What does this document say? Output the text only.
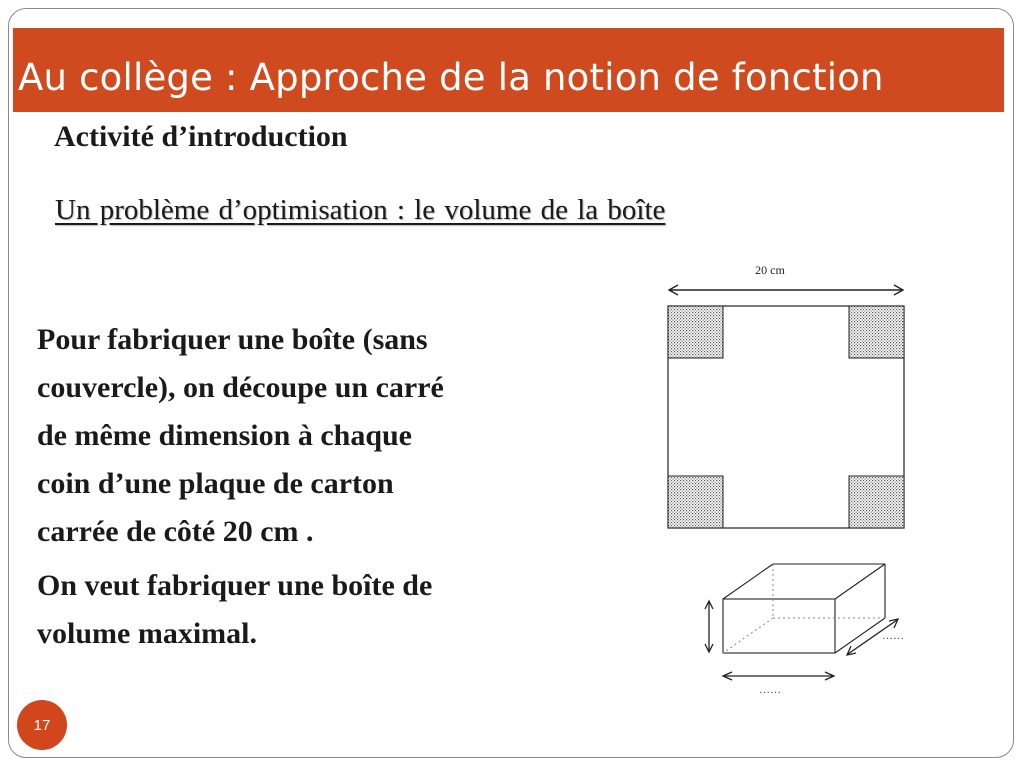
Au collège : Approche de la notion de fonction
Activité d’introduction
Un problème d’optimisation : le volume de la boîte

Pour fabriquer une boîte (sans
couvercle), on découpe un carré
de même dimension à chaque
coin d’une plaque de carton
carrée de côté 20 cm .

On veut fabriquer une boîte de
volume maximal.

20 cm
……
……
17
